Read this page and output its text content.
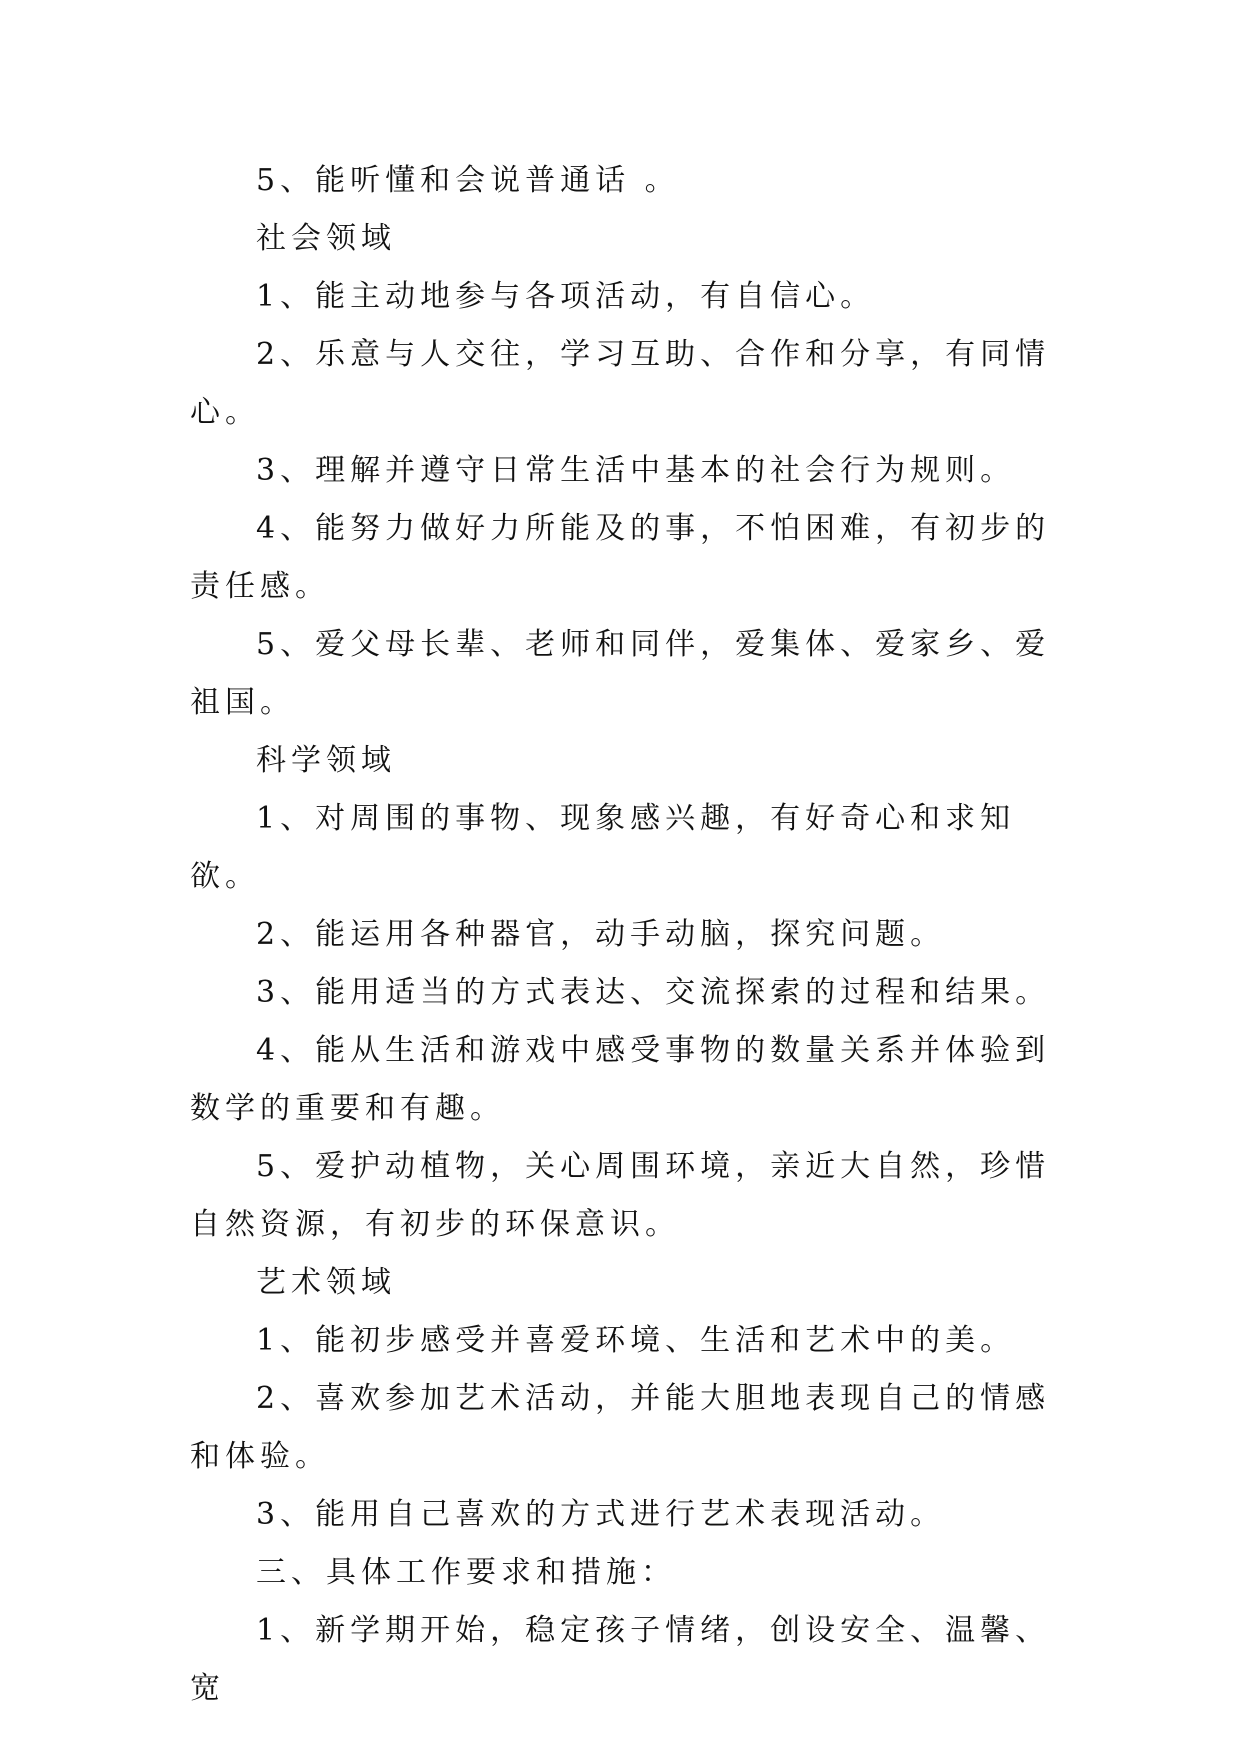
5、能听懂和会说普通话 。

社会领域

1、能主动地参与各项活动，有自信心。

2、乐意与人交往，学习互助、合作和分享，有同情心。

3、理解并遵守日常生活中基本的社会行为规则。

4、能努力做好力所能及的事，不怕困难，有初步的责任感。

5、爱父母长辈、老师和同伴，爱集体、爱家乡、爱祖国。

科学领域

1、对周围的事物、现象感兴趣，有好奇心和求知欲。

2、能运用各种器官，动手动脑，探究问题。

3、能用适当的方式表达、交流探索的过程和结果。

4、能从生活和游戏中感受事物的数量关系并体验到数学的重要和有趣。

5、爱护动植物，关心周围环境，亲近大自然，珍惜自然资源，有初步的环保意识。

艺术领域

1、能初步感受并喜爱环境、生活和艺术中的美。

2、喜欢参加艺术活动，并能大胆地表现自己的情感和体验。

3、能用自己喜欢的方式进行艺术表现活动。

三、具体工作要求和措施：

1、新学期开始，稳定孩子情绪，创设安全、温馨、宽
